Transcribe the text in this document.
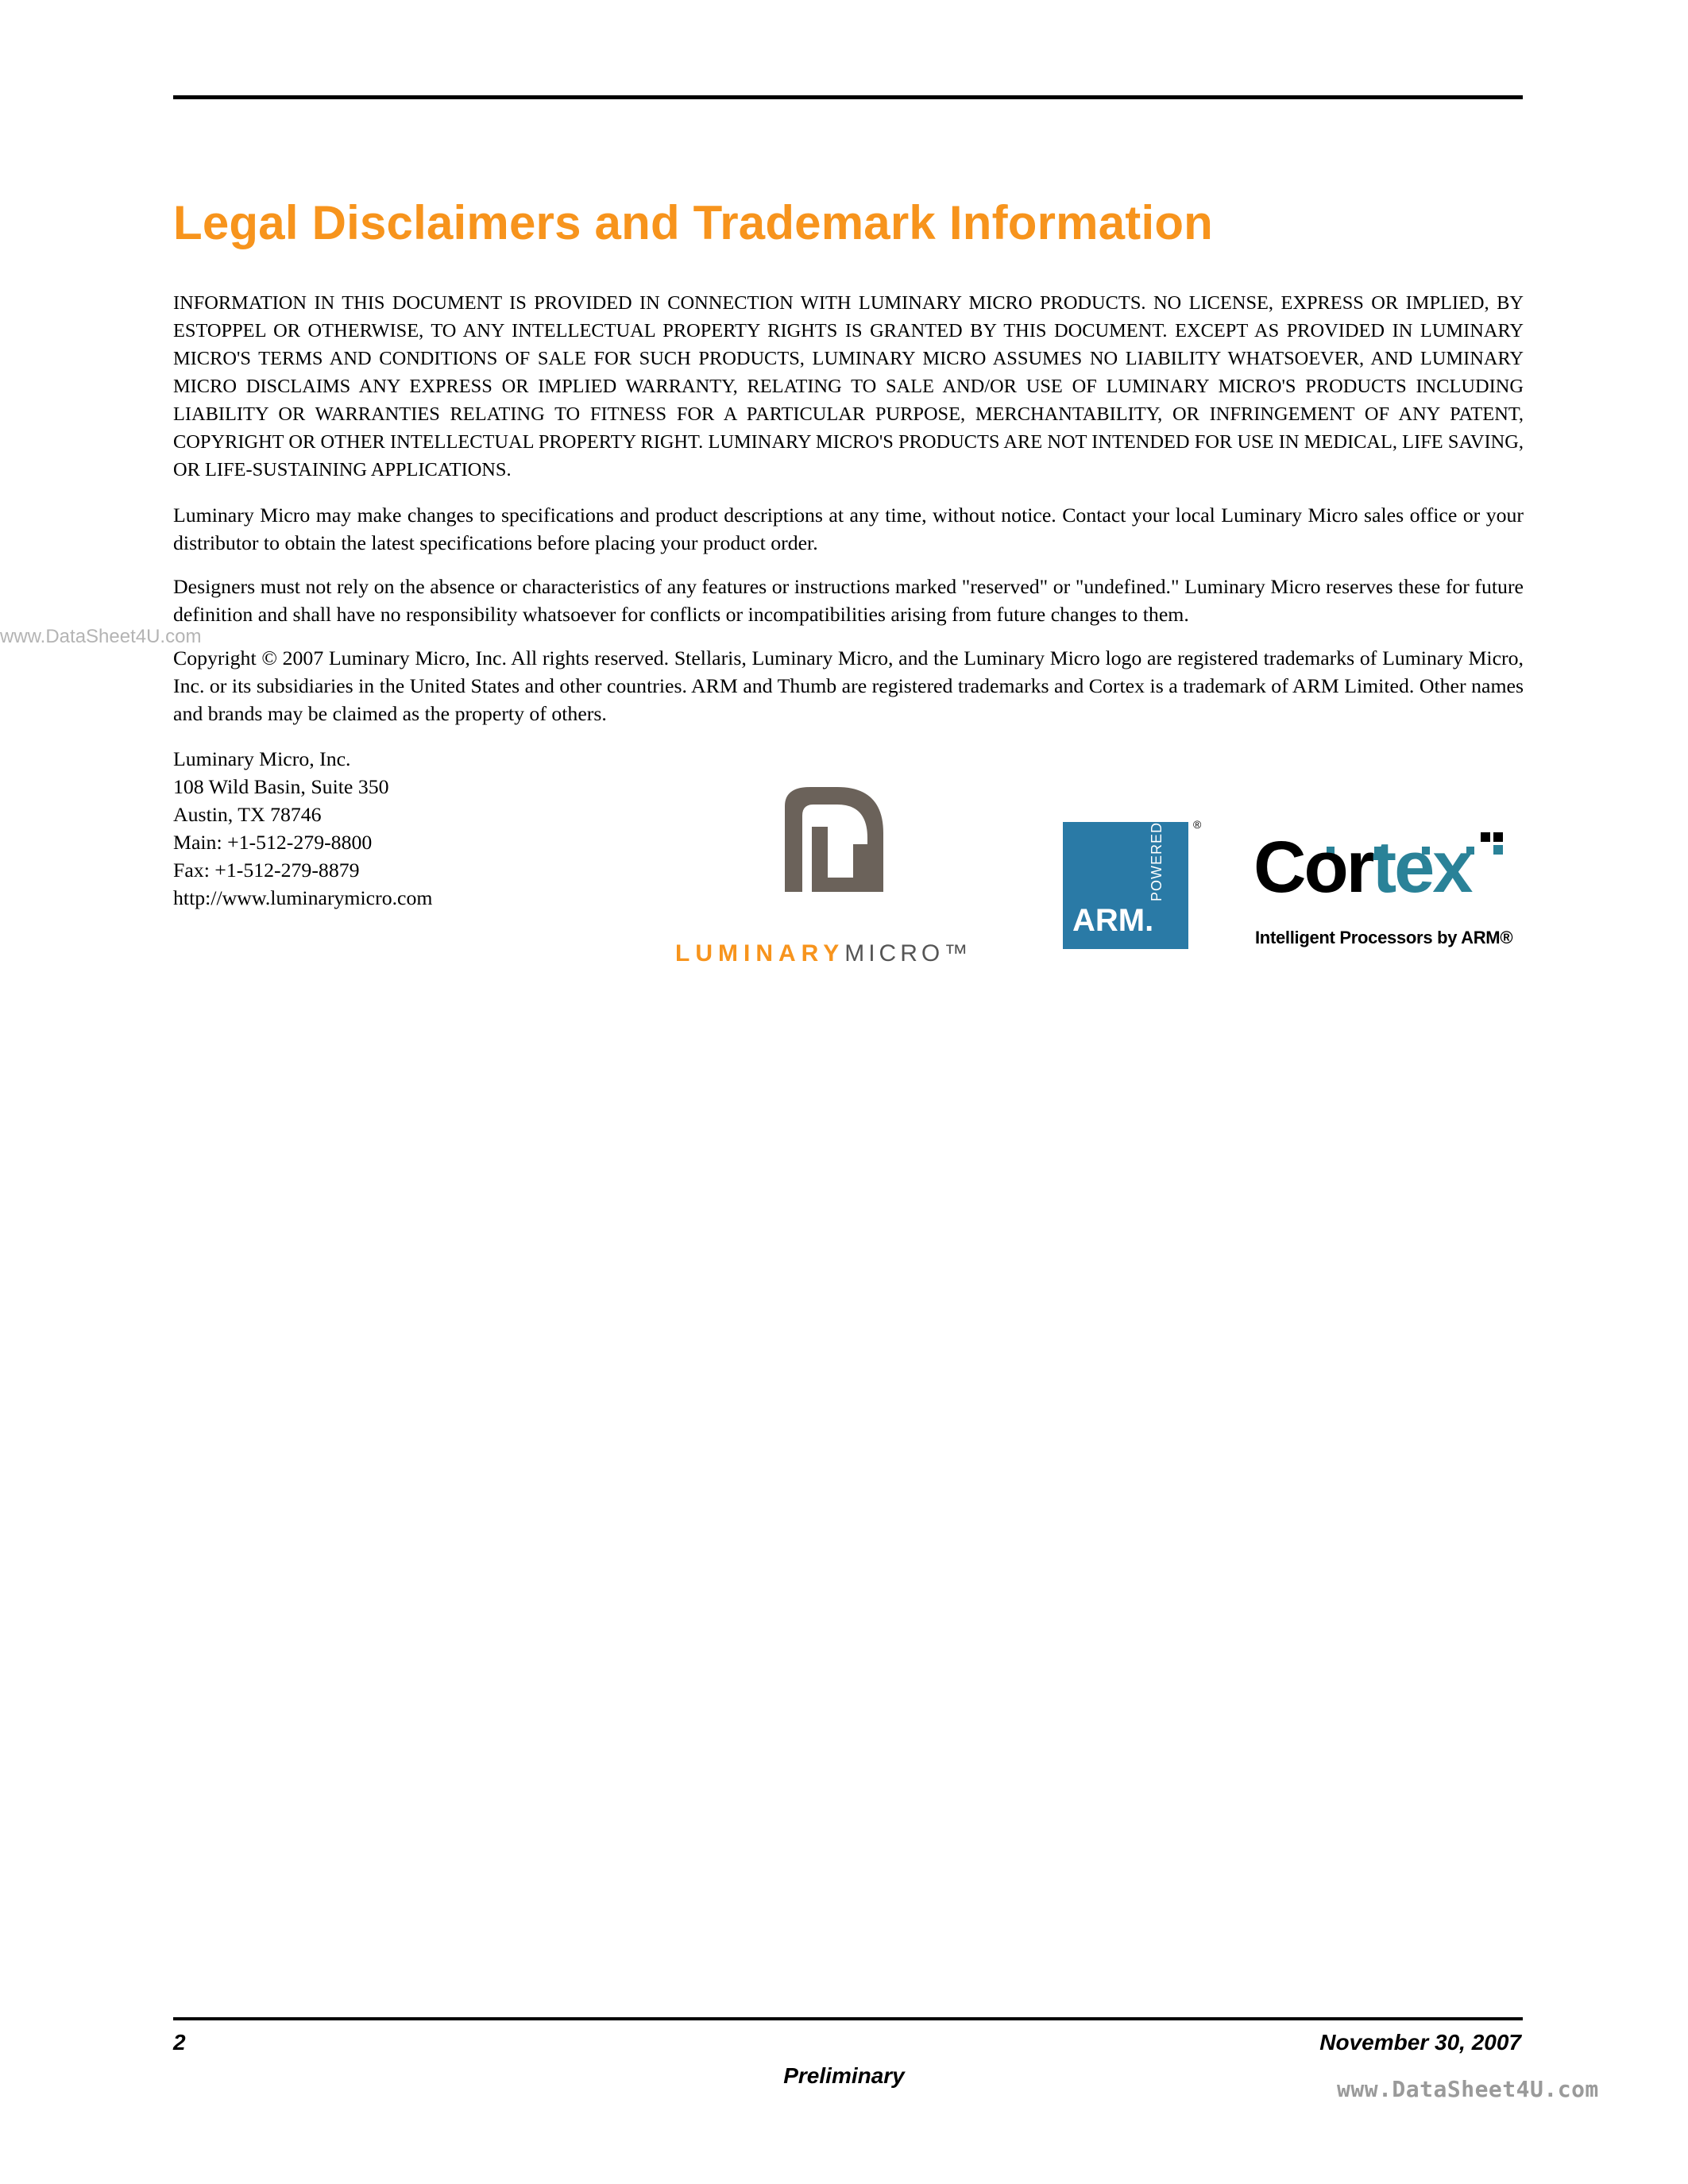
Legal Disclaimers and Trademark Information

INFORMATION IN THIS DOCUMENT IS PROVIDED IN CONNECTION WITH LUMINARY MICRO PRODUCTS. NO LICENSE, EXPRESS OR IMPLIED, BY ESTOPPEL OR OTHERWISE, TO ANY INTELLECTUAL PROPERTY RIGHTS IS GRANTED BY THIS DOCUMENT. EXCEPT AS PROVIDED IN LUMINARY MICRO'S TERMS AND CONDITIONS OF SALE FOR SUCH PRODUCTS, LUMINARY MICRO ASSUMES NO LIABILITY WHATSOEVER, AND LUMINARY MICRO DISCLAIMS ANY EXPRESS OR IMPLIED WARRANTY, RELATING TO SALE AND/OR USE OF LUMINARY MICRO'S PRODUCTS INCLUDING LIABILITY OR WARRANTIES RELATING TO FITNESS FOR A PARTICULAR PURPOSE, MERCHANTABILITY, OR INFRINGEMENT OF ANY PATENT, COPYRIGHT OR OTHER INTELLECTUAL PROPERTY RIGHT. LUMINARY MICRO'S PRODUCTS ARE NOT INTENDED FOR USE IN MEDICAL, LIFE SAVING, OR LIFE-SUSTAINING APPLICATIONS.

Luminary Micro may make changes to specifications and product descriptions at any time, without notice. Contact your local Luminary Micro sales office or your distributor to obtain the latest specifications before placing your product order.

Designers must not rely on the absence or characteristics of any features or instructions marked "reserved" or "undefined." Luminary Micro reserves these for future definition and shall have no responsibility whatsoever for conflicts or incompatibilities arising from future changes to them.

Copyright © 2007 Luminary Micro, Inc. All rights reserved. Stellaris, Luminary Micro, and the Luminary Micro logo are registered trademarks of Luminary Micro, Inc. or its subsidiaries in the United States and other countries. ARM and Thumb are registered trademarks and Cortex is a trademark of ARM Limited. Other names and brands may be claimed as the property of others.

www.DataSheet4U.com
Luminary Micro, Inc.
108 Wild Basin, Suite 350
Austin, TX 78746
Main: +1-512-279-8800
Fax: +1-512-279-8879
http://www.luminarymicro.com
LUMINARYMICRO™
ARM.
POWERED	®
Cortex
Intelligent Processors by ARM®
2	November 30, 2007
Preliminary
www.DataSheet4U.com
